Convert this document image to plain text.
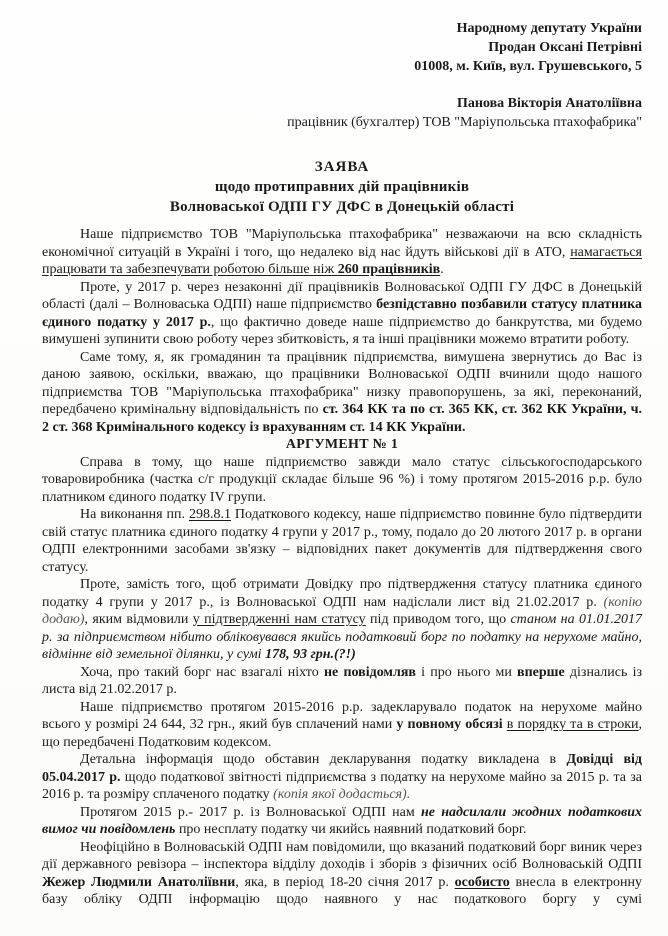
Народному депутату України
Продан Оксані Петрівні
01008, м. Київ, вул. Грушевського, 5
Панова Вікторія Анатоліївна
працівник (бухгалтер) ТОВ "Маріупольська птахофабрика"
ЗАЯВА
щодо протиправних дій працівників
Волноваської ОДПІ ГУ ДФС в Донецькій області

Наше підприємство ТОВ "Маріупольська птахофабрика" незважаючи на всю складність економічної ситуацій в Україні і того, що недалеко від нас йдуть військові дії в АТО, намагається працювати та забезпечувати роботою більше ніж 260 працівників.

Проте, у 2017 р. через незаконні дії працівників Волноваської ОДПІ ГУ ДФС в Донецькій області (далі – Волноваська ОДПІ) наше підприємство безпідставно позбавили статусу платника єдиного податку у 2017 р., що фактично доведе наше підприємство до банкрутства, ми будемо вимушені зупинити свою роботу через збитковість, я та інші працівники можемо втратити роботу.

Саме тому, я, як громадянин та працівник підприємства, вимушена звернутись до Вас із даною заявою, оскільки, вважаю, що працівники Волноваської ОДПІ вчинили щодо нашого підприємства ТОВ "Маріупольська птахофабрика" низку правопорушень, за які, переконаний, передбачено кримінальну відповідальність по ст. 364 КК та по ст. 365 КК, ст. 362 КК України, ч. 2 ст. 368 Кримінального кодексу із врахуванням ст. 14 КК України.

АРГУМЕНТ № 1

Справа в тому, що наше підприємство завжди мало статус сільськогосподарського товаровиробника (частка с/г продукції складає більше 96 %) і тому протягом 2015-2016 р.р. було платником єдиного податку IV групи.

На виконання пп. 298.8.1 Податкового кодексу, наше підприємство повинне було підтвердити свій статус платника єдиного податку 4 групи у 2017 р., тому, подало до 20 лютого 2017 р. в органи ОДПІ електронними засобами зв'язку – відповідних пакет документів для підтвердження свого статусу.

Проте, замість того, щоб отримати Довідку про підтвердження статусу платника єдиного податку 4 групи у 2017 р., із Волноваської ОДПІ нам надіслали лист від 21.02.2017 р. (копію додаю), яким відмовили у підтвердженні нам статусу під приводом того, що станом на 01.01.2017 р. за підприємством нібито обліковувався якийсь податковий борг по податку на нерухоме майно, відмінне від земельної ділянки, у сумі 178, 93 грн.(?!)

Хоча, про такий борг нас взагалі ніхто не повідомляв і про нього ми вперше дізнались із листа від 21.02.2017 р.

Наше підприємство протягом 2015-2016 р.р. задекларувало податок на нерухоме майно всього у розмірі 24 644, 32 грн., який був сплачений нами у повному обсязі в порядку та в строки, що передбачені Податковим кодексом.

Детальна інформація щодо обставин декларування податку викладена в Довідці від 05.04.2017 р. щодо податкової звітності підприємства з податку на нерухоме майно за 2015 р. та за 2016 р. та розміру сплаченого податку (копія якої додасться).

Протягом 2015 р.- 2017 р. із Волноваської ОДПІ нам не надсилали жодних податкових вимог чи повідомлень про несплату податку чи якийсь наявний податковий борг.

Неофіційно в Волноваській ОДПІ нам повідомили, що вказаний податковий борг виник через дії державного ревізора – інспектора відділу доходів і зборів з фізичних осіб Волноваській ОДПІ Жежер Людмили Анатоліївни, яка, в період 18-20 січня 2017 р. особисто внесла в електронну базу обліку ОДПІ інформацію щодо наявного у нас податкового боргу у сумі
